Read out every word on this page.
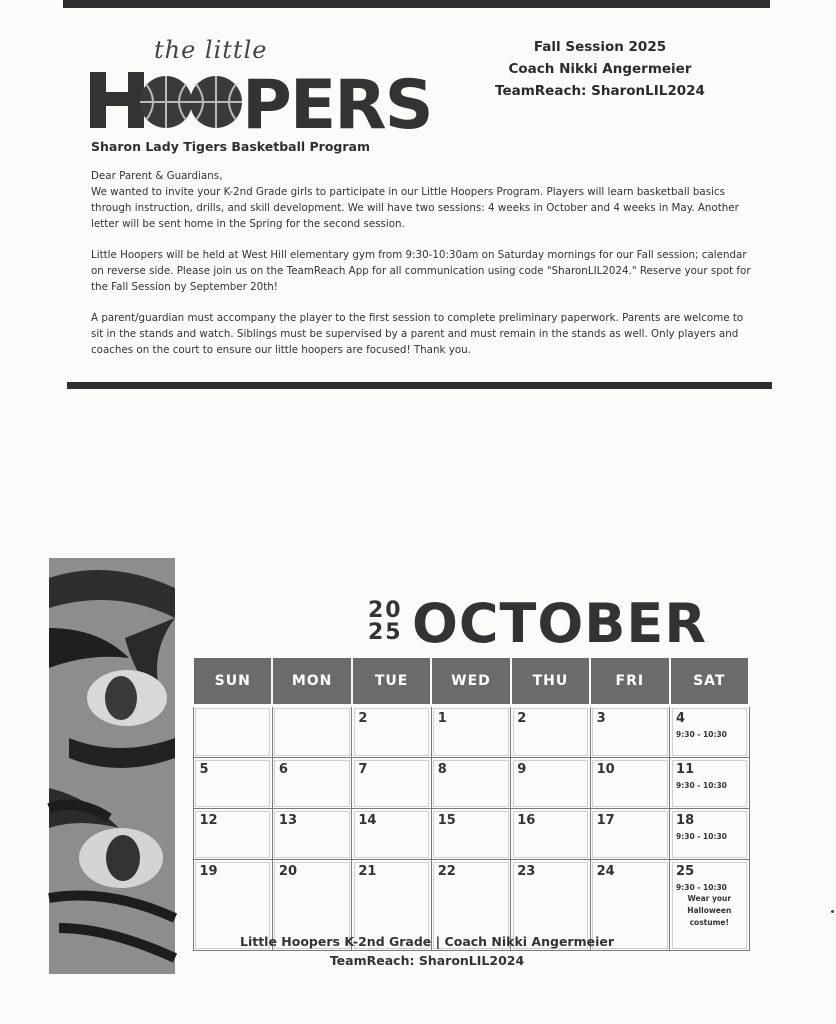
the little
PERS
Sharon Lady Tigers Basketball Program
Fall Session 2025
Coach Nikki Angermeier
TeamReach: SharonLIL2024

Dear Parent & Guardians,

We wanted to invite your K-2nd Grade girls to participate in our Little Hoopers Program. Players will learn basketball basics through instruction, drills, and skill development. We will have two sessions: 4 weeks in October and 4 weeks in May. Another letter will be sent home in the Spring for the second session.

Little Hoopers will be held at West Hill elementary gym from 9:30-10:30am on Saturday mornings for our Fall session; calendar on reverse side. Please join us on the TeamReach App for all communication using code "SharonLIL2024." Reserve your spot for the Fall Session by September 20th!

A parent/guardian must accompany the player to the first session to complete preliminary paperwork. Parents are welcome to sit in the stands and watch. Siblings must be supervised by a parent and must remain in the stands as well. Only players and coaches on the court to ensure our little hoopers are focused! Thank you.

20
25 OCTOBER
SUN	MON	TUE	WED	THU	FRI	SAT
		2	1	2	3	4
9:30 - 10:30

5	6	7	8	9	10	11
9:30 - 10:30

12	13	14	15	16	17	18
9:30 - 10:30

19	20	21	22	23	24	25
9:30 - 10:30
Wear your Halloween costume!
Little Hoopers K-2nd Grade | Coach Nikki Angermeier
TeamReach: SharonLIL2024
